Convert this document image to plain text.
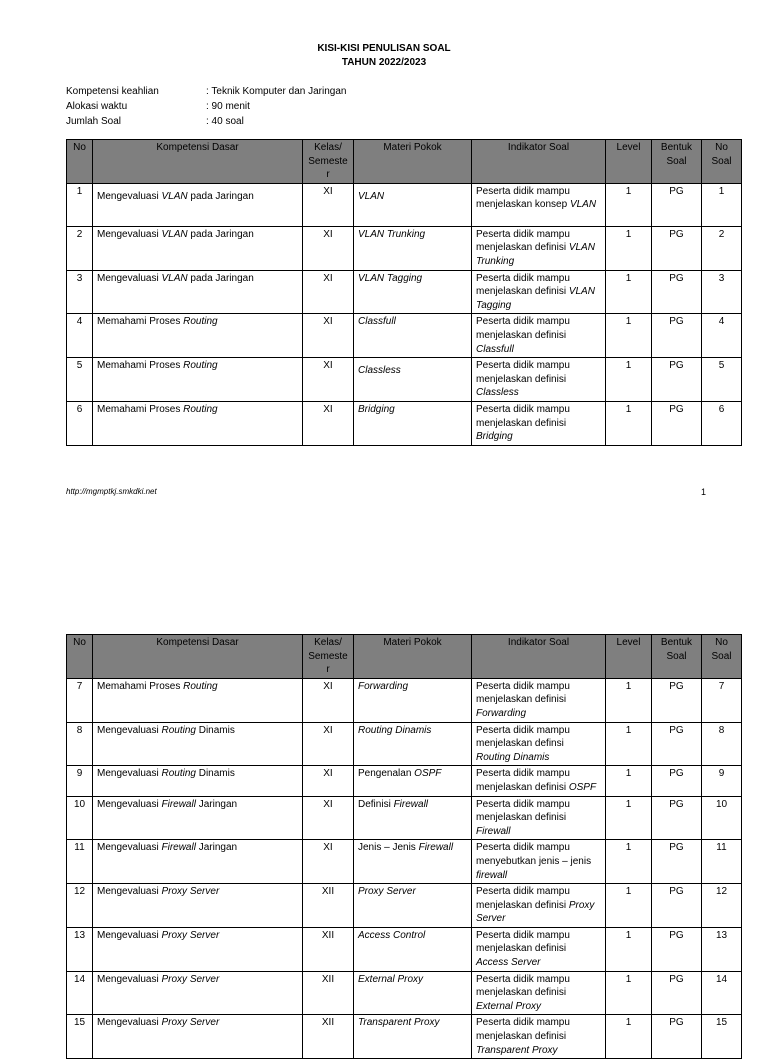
KISI-KISI PENULISAN SOAL
TAHUN 2022/2023
Kompetensi keahlian	: Teknik Komputer dan Jaringan
Alokasi waktu	: 90 menit
Jumlah Soal	: 40 soal
No	Kompetensi Dasar	Kelas/ Semeste r	Materi Pokok	Indikator Soal	Level	Bentuk Soal	No Soal
1	Mengevaluasi VLAN pada Jaringan	XI	VLAN	Peserta didik mampu menjelaskan konsep VLAN	1	PG	1
2	Mengevaluasi VLAN pada Jaringan	XI	VLAN Trunking	Peserta didik mampu menjelaskan definisi VLAN Trunking	1	PG	2
3	Mengevaluasi VLAN pada Jaringan	XI	VLAN Tagging	Peserta didik mampu menjelaskan definisi VLAN Tagging	1	PG	3
4	Memahami Proses Routing	XI	Classfull	Peserta didik mampu menjelaskan definisi Classfull	1	PG	4
5	Memahami Proses Routing	XI	Classless	Peserta didik mampu menjelaskan definisi Classless	1	PG	5
6	Memahami Proses Routing	XI	Bridging	Peserta didik mampu menjelaskan definisi Bridging	1	PG	6
http://mgmptkj.smkdki.net	1
No	Kompetensi Dasar	Kelas/ Semeste r	Materi Pokok	Indikator Soal	Level	Bentuk Soal	No Soal
7	Memahami Proses Routing	XI	Forwarding	Peserta didik mampu menjelaskan definisi Forwarding	1	PG	7
8	Mengevaluasi Routing Dinamis	XI	Routing Dinamis	Peserta didik mampu menjelaskan definsi Routing Dinamis	1	PG	8
9	Mengevaluasi Routing Dinamis	XI	Pengenalan OSPF	Peserta didik mampu menjelaskan definisi OSPF	1	PG	9
10	Mengevaluasi Firewall Jaringan	XI	Definisi Firewall	Peserta didik mampu menjelaskan definisi Firewall	1	PG	10
11	Mengevaluasi Firewall Jaringan	XI	Jenis – Jenis Firewall	Peserta didik mampu menyebutkan jenis – jenis firewall	1	PG	11
12	Mengevaluasi Proxy Server	XII	Proxy Server	Peserta didik mampu menjelaskan definisi Proxy Server	1	PG	12
13	Mengevaluasi Proxy Server	XII	Access Control	Peserta didik mampu menjelaskan definisi Access Server	1	PG	13
14	Mengevaluasi Proxy Server	XII	External Proxy	Peserta didik mampu menjelaskan definisi External Proxy	1	PG	14
15	Mengevaluasi Proxy Server	XII	Transparent Proxy	Peserta didik mampu menjelaskan definisi Transparent Proxy	1	PG	15
